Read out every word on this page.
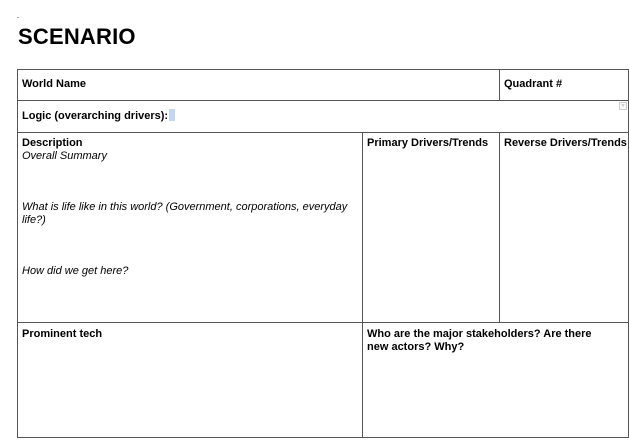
SCENARIO
World Name	Quadrant #
Logic (overarching drivers):
▿
Description
Overall Summary
What is life like in this world? (Government, corporations, everyday life?)
How did we get here?
Primary Drivers/Trends Reverse Drivers/Trends
Prominent tech	Who are the major stakeholders? Are there new actors? Why?
